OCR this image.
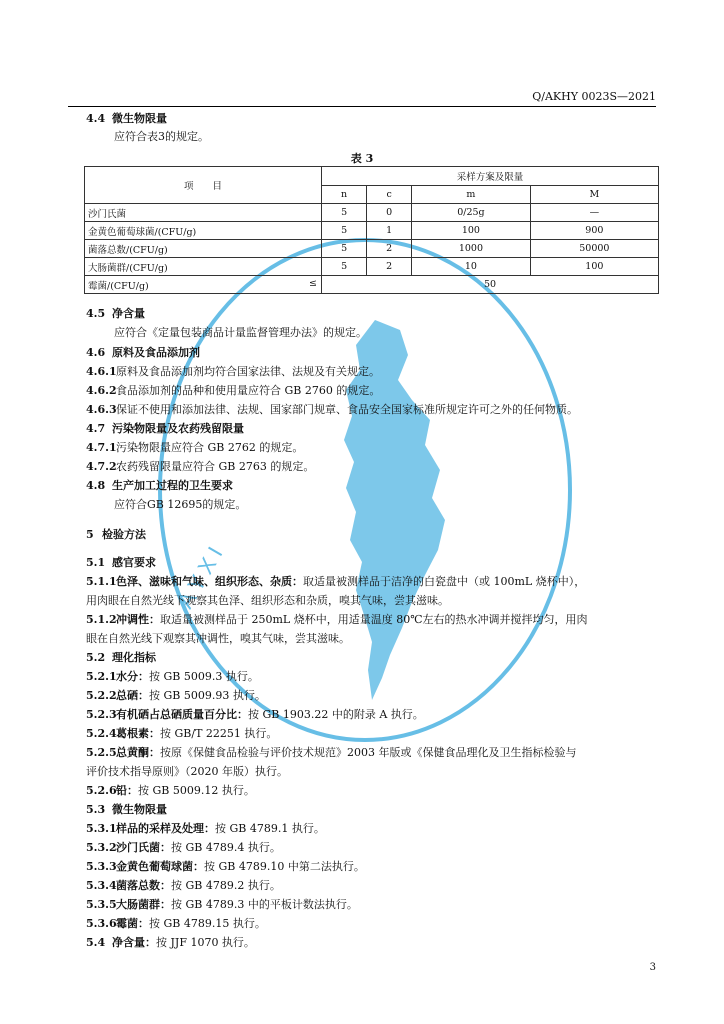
Q/AKHY 0023S—2021
A Y X I
4.4 微生物限量
应符合表3的规定。
表 3
项　　目	采样方案及限量			
	n	c	m	M
沙门氏菌	5	0	0/25g	—
金黄色葡萄球菌/(CFU/g)	5	1	100	900
菌落总数/(CFU/g)	5	2	1000	50000
大肠菌群/(CFU/g)	5	2	10	100
霉菌/(CFU/g) ≤	50			
4.5 净含量
应符合《定量包装商品计量监督管理办法》的规定。
4.6 原料及食品添加剂
4.6.1原料及食品添加剂均符合国家法律、法规及有关规定。
4.6.2食品添加剂的品种和使用量应符合 GB 2760 的规定。
4.6.3保证不使用和添加法律、法规、国家部门规章、食品安全国家标准所规定许可之外的任何物质。
4.7 污染物限量及农药残留限量
4.7.1污染物限量应符合 GB 2762 的规定。
4.7.2农药残留限量应符合 GB 2763 的规定。
4.8 生产加工过程的卫生要求
应符合GB 12695的规定。
5 检验方法
5.1 感官要求
5.1.1色泽、滋味和气味、组织形态、杂质：取适量被测样品于洁净的白瓷盘中（或 100mL 烧杯中），
用肉眼在自然光线下观察其色泽、组织形态和杂质，嗅其气味，尝其滋味。
5.1.2冲调性：取适量被测样品于 250mL 烧杯中，用适量温度 80℃左右的热水冲调并搅拌均匀，用肉
眼在自然光线下观察其冲调性，嗅其气味，尝其滋味。
5.2 理化指标
5.2.1水分：按 GB 5009.3 执行。
5.2.2总硒：按 GB 5009.93 执行。
5.2.3有机硒占总硒质量百分比：按 GB 1903.22 中的附录 A 执行。
5.2.4葛根素：按 GB/T 22251 执行。
5.2.5总黄酮：按原《保健食品检验与评价技术规范》2003 年版或《保健食品理化及卫生指标检验与
评价技术指导原则》（2020 年版）执行。
5.2.6铅：按 GB 5009.12 执行。
5.3 微生物限量
5.3.1样品的采样及处理：按 GB 4789.1 执行。
5.3.2沙门氏菌：按 GB 4789.4 执行。
5.3.3金黄色葡萄球菌：按 GB 4789.10 中第二法执行。
5.3.4菌落总数：按 GB 4789.2 执行。
5.3.5大肠菌群：按 GB 4789.3 中的平板计数法执行。
5.3.6霉菌：按 GB 4789.15 执行。
5.4 净含量：按 JJF 1070 执行。
3
